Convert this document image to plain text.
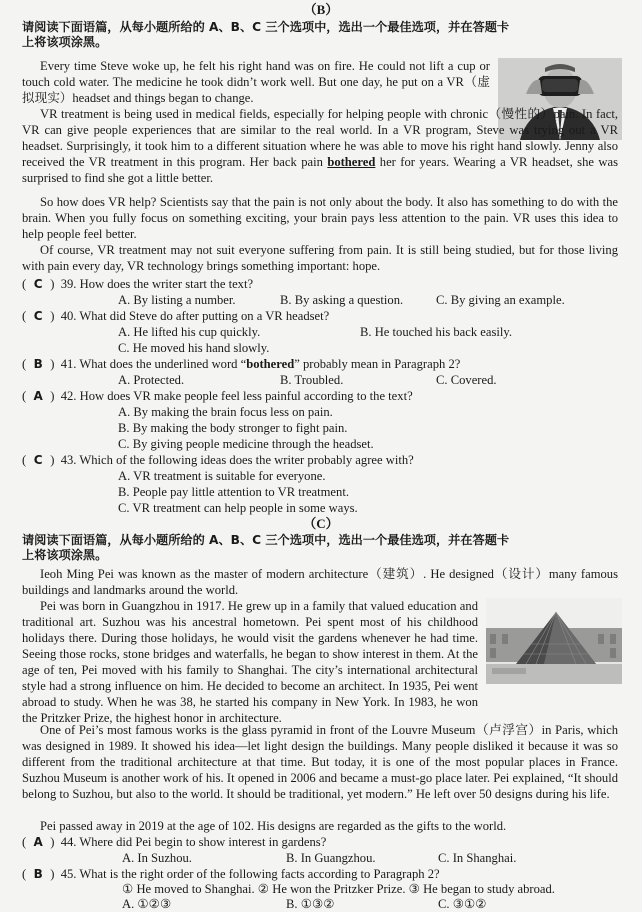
（B）
请阅读下面语篇，从每小题所给的 A、B、C 三个选项中，选出一个最佳选项，并在答题卡
上将该项涂黑。
Every time Steve woke up, he felt his right hand was on fire. He could not lift a cup or touch cold water. The medicine he took didn’t work well. But one day, he put on a VR（虚拟现实）headset and things began to change.
VR treatment is being used in medical fields, especially for helping people with chronic（慢性的）pain. In fact, VR can give people experiences that are similar to the real world. In a VR program, Steve was trying out a VR headset. Surprisingly, it took him to a different situation where he was able to move his right hand slowly. Jenny also received the VR treatment in this program. Her back pain bothered her for years. Wearing a VR headset, she was surprised to find she got a little better.
So how does VR help? Scientists say that the pain is not only about the body. It also has something to do with the brain. When you fully focus on something exciting, your brain pays less attention to the pain. VR uses this idea to help people feel better.
Of course, VR treatment may not suit everyone suffering from pain. It is still being studied, but for those living with pain every day, VR technology brings something important: hope.
( C ) 39. How does the writer start the text?
A. By listing a number.	B. By asking a question.	C. By giving an example.
( C ) 40. What did Steve do after putting on a VR headset?
A. He lifted his cup quickly.	B. He touched his back easily.
C. He moved his hand slowly.
( B ) 41. What does the underlined word “bothered” probably mean in Paragraph 2?
A. Protected.	B. Troubled.	C. Covered.
( A ) 42. How does VR make people feel less painful according to the text?
A. By making the brain focus less on pain.
B. By making the body stronger to fight pain.
C. By giving people medicine through the headset.
( C ) 43. Which of the following ideas does the writer probably agree with?
A. VR treatment is suitable for everyone.
B. People pay little attention to VR treatment.
C. VR treatment can help people in some ways.
（C）
请阅读下面语篇，从每小题所给的 A、B、C 三个选项中，选出一个最佳选项，并在答题卡
上将该项涂黑。
Ieoh Ming Pei was known as the master of modern architecture（建筑）. He designed（设计）many famous buildings and landmarks around the world.
Pei was born in Guangzhou in 1917. He grew up in a family that valued education and traditional art. Suzhou was his ancestral hometown. Pei spent most of his childhood holidays there. During those holidays, he would visit the gardens whenever he had time. Seeing those rocks, stone bridges and waterfalls, he began to show interest in them. At the age of ten, Pei moved with his family to Shanghai. The city’s international architectural style had a strong influence on him. He decided to become an architect. In 1935, Pei went abroad to study. When he was 38, he started his company in New York. In 1983, he won the Pritzker Prize, the highest honor in architecture.
One of Pei’s most famous works is the glass pyramid in front of the Louvre Museum（卢浮宫）in Paris, which was designed in 1989. It showed his idea—let light design the buildings. Many people disliked it because it was so different from the traditional architecture at that time. But today, it is one of the most popular places in France. Suzhou Museum is another work of his. It opened in 2006 and became a must-go place later. Pei explained, “It should belong to Suzhou, but also to the world. It should be traditional, yet modern.” He left over 50 designs during his life.
Pei passed away in 2019 at the age of 102. His designs are regarded as the gifts to the world.
( A ) 44. Where did Pei begin to show interest in gardens?
A. In Suzhou.	B. In Guangzhou.	C. In Shanghai.
( B ) 45. What is the right order of the following facts according to Paragraph 2?
① He moved to Shanghai. ② He won the Pritzker Prize. ③ He began to study abroad.
A. ①②③	B. ①③②	C. ③①②
